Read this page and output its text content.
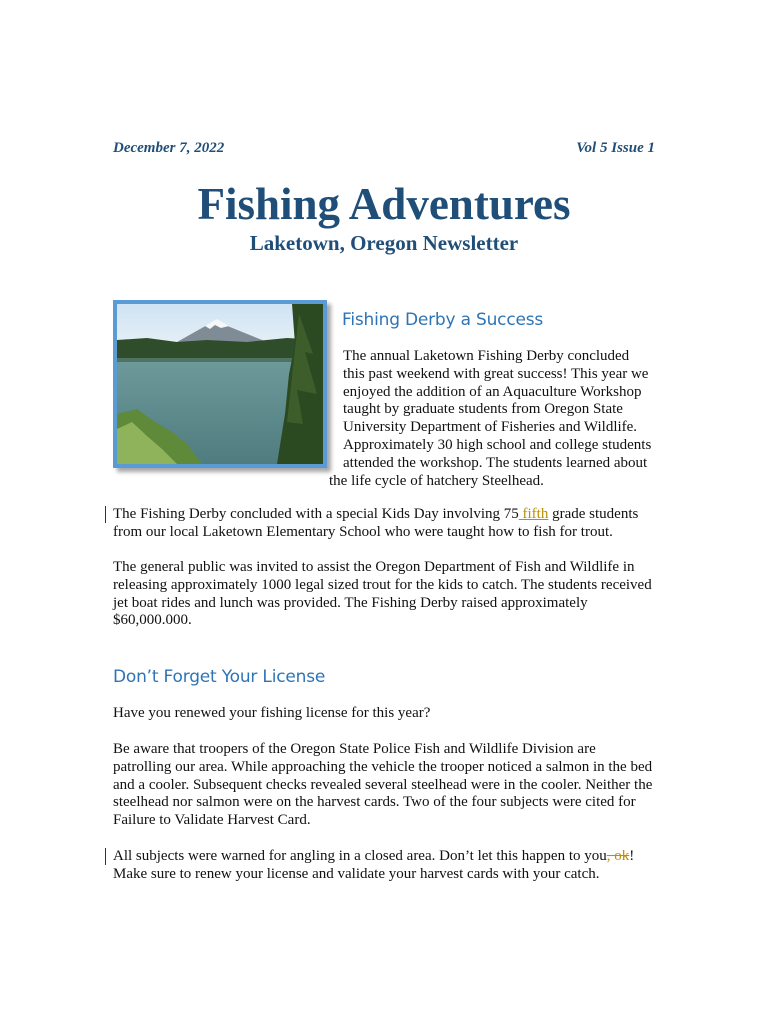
December 7, 2022	Vol 5 Issue 1
Fishing Adventures
Laketown, Oregon Newsletter
Fishing Derby a Success
The annual Laketown Fishing Derby concluded
this past weekend with great success! This year we
enjoyed the addition of an Aquaculture Workshop
taught by graduate students from Oregon State
University Department of Fisheries and Wildlife.
Approximately 30 high school and college students
attended the workshop. The students learned about
the life cycle of hatchery Steelhead.
The Fishing Derby concluded with a special Kids Day involving 75 fifth grade students from our local Laketown Elementary School who were taught how to fish for trout.
The general public was invited to assist the Oregon Department of Fish and Wildlife in releasing approximately 1000 legal sized trout for the kids to catch. The students received jet boat rides and lunch was provided. The Fishing Derby raised approximately $60,000.000.
Don’t Forget Your License
Have you renewed your fishing license for this year?
Be aware that troopers of the Oregon State Police Fish and Wildlife Division are patrolling our area. While approaching the vehicle the trooper noticed a salmon in the bed and a cooler. Subsequent checks revealed several steelhead were in the cooler. Neither the steelhead nor salmon were on the harvest cards. Two of the four subjects were cited for Failure to Validate Harvest Card.
All subjects were warned for angling in a closed area. Don’t let this happen to you, ok! Make sure to renew your license and validate your harvest cards with your catch.
